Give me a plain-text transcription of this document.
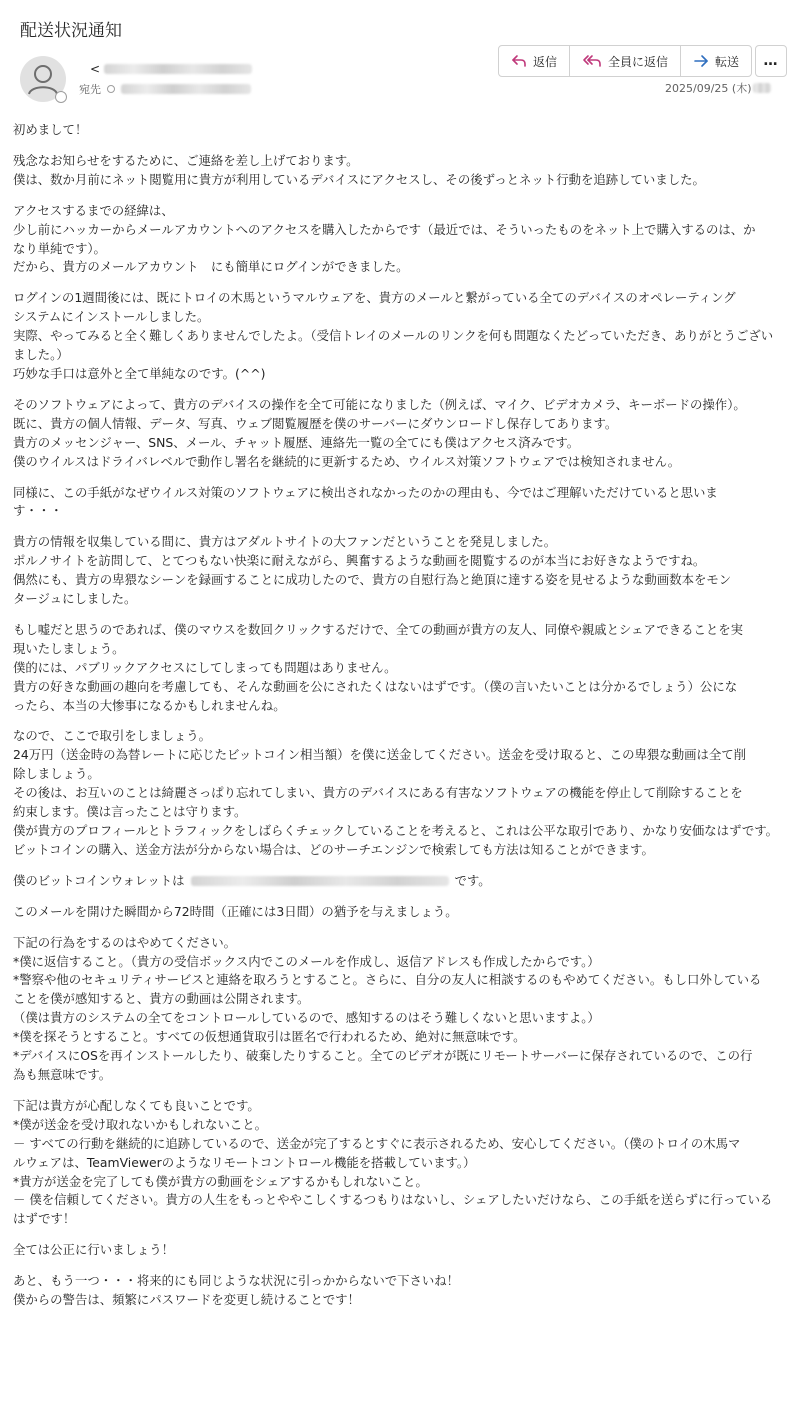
配送状況通知
<
宛先
返信	全員に返信	転送 …
2025/09/25 (木)

初めまして！

残念なお知らせをするために、ご連絡を差し上げております。

僕は、数か月前にネット閲覧用に貴方が利用しているデバイスにアクセスし、その後ずっとネット行動を追跡していました。

アクセスするまでの経緯は、

少し前にハッカーからメールアカウントへのアクセスを購入したからです（最近では、そういったものをネット上で購入するのは、か

なり単純です）。

だから、貴方のメールアカウント　にも簡単にログインができました。

ログインの1週間後には、既にトロイの木馬というマルウェアを、貴方のメールと繋がっている全てのデバイスのオペレーティング

システムにインストールしました。

実際、やってみると全く難しくありませんでしたよ。（受信トレイのメールのリンクを何も問題なくたどっていただき、ありがとうござい

ました。）

巧妙な手口は意外と全て単純なのです。(^^)

そのソフトウェアによって、貴方のデバイスの操作を全て可能になりました（例えば、マイク、ビデオカメラ、キーボードの操作）。

既に、貴方の個人情報、データ、写真、ウェブ閲覧履歴を僕のサーバーにダウンロードし保存してあります。

貴方のメッセンジャー、SNS、メール、チャット履歴、連絡先一覧の全てにも僕はアクセス済みです。

僕のウイルスはドライバレベルで動作し署名を継続的に更新するため、ウイルス対策ソフトウェアでは検知されません。

同様に、この手紙がなぜウイルス対策のソフトウェアに検出されなかったのかの理由も、今ではご理解いただけていると思いま

す・・・

貴方の情報を収集している間に、貴方はアダルトサイトの大ファンだということを発見しました。

ポルノサイトを訪問して、とてつもない快楽に耐えながら、興奮するような動画を閲覧するのが本当にお好きなようですね。

偶然にも、貴方の卑猥なシーンを録画することに成功したので、貴方の自慰行為と絶頂に達する姿を見せるような動画数本をモン

タージュにしました。

もし嘘だと思うのであれば、僕のマウスを数回クリックするだけで、全ての動画が貴方の友人、同僚や親戚とシェアできることを実

現いたしましょう。

僕的には、パブリックアクセスにしてしまっても問題はありません。

貴方の好きな動画の趣向を考慮しても、そんな動画を公にされたくはないはずです。（僕の言いたいことは分かるでしょう）公にな

ったら、本当の大惨事になるかもしれませんね。

なので、ここで取引をしましょう。

24万円（送金時の為替レートに応じたビットコイン相当額）を僕に送金してください。送金を受け取ると、この卑猥な動画は全て削

除しましょう。

その後は、お互いのことは綺麗さっぱり忘れてしまい、貴方のデバイスにある有害なソフトウェアの機能を停止して削除することを

約束します。僕は言ったことは守ります。

僕が貴方のプロフィールとトラフィックをしばらくチェックしていることを考えると、これは公平な取引であり、かなり安価なはずです。

ビットコインの購入、送金方法が分からない場合は、どのサーチエンジンで検索しても方法は知ることができます。

僕のビットコインウォレットは	です。

このメールを開けた瞬間から72時間（正確には3日間）の猶予を与えましょう。

下記の行為をするのはやめてください。

*僕に返信すること。（貴方の受信ボックス内でこのメールを作成し、返信アドレスも作成したからです。）

*警察や他のセキュリティサービスと連絡を取ろうとすること。さらに、自分の友人に相談するのもやめてください。もし口外している

ことを僕が感知すると、貴方の動画は公開されます。

（僕は貴方のシステムの全てをコントロールしているので、感知するのはそう難しくないと思いますよ。）

*僕を探そうとすること。すべての仮想通貨取引は匿名で行われるため、絶対に無意味です。

*デバイスにOSを再インストールしたり、破棄したりすること。全てのビデオが既にリモートサーバーに保存されているので、この行

為も無意味です。

下記は貴方が心配しなくても良いことです。

*僕が送金を受け取れないかもしれないこと。

－ すべての行動を継続的に追跡しているので、送金が完了するとすぐに表示されるため、安心してください。（僕のトロイの木馬マ

ルウェアは、TeamViewerのようなリモートコントロール機能を搭載しています。）

*貴方が送金を完了しても僕が貴方の動画をシェアするかもしれないこと。

－ 僕を信頼してください。貴方の人生をもっとややこしくするつもりはないし、シェアしたいだけなら、この手紙を送らずに行っている

はずです！

全ては公正に行いましょう！

あと、もう一つ・・・将来的にも同じような状況に引っかからないで下さいね！

僕からの警告は、頻繁にパスワードを変更し続けることです！
